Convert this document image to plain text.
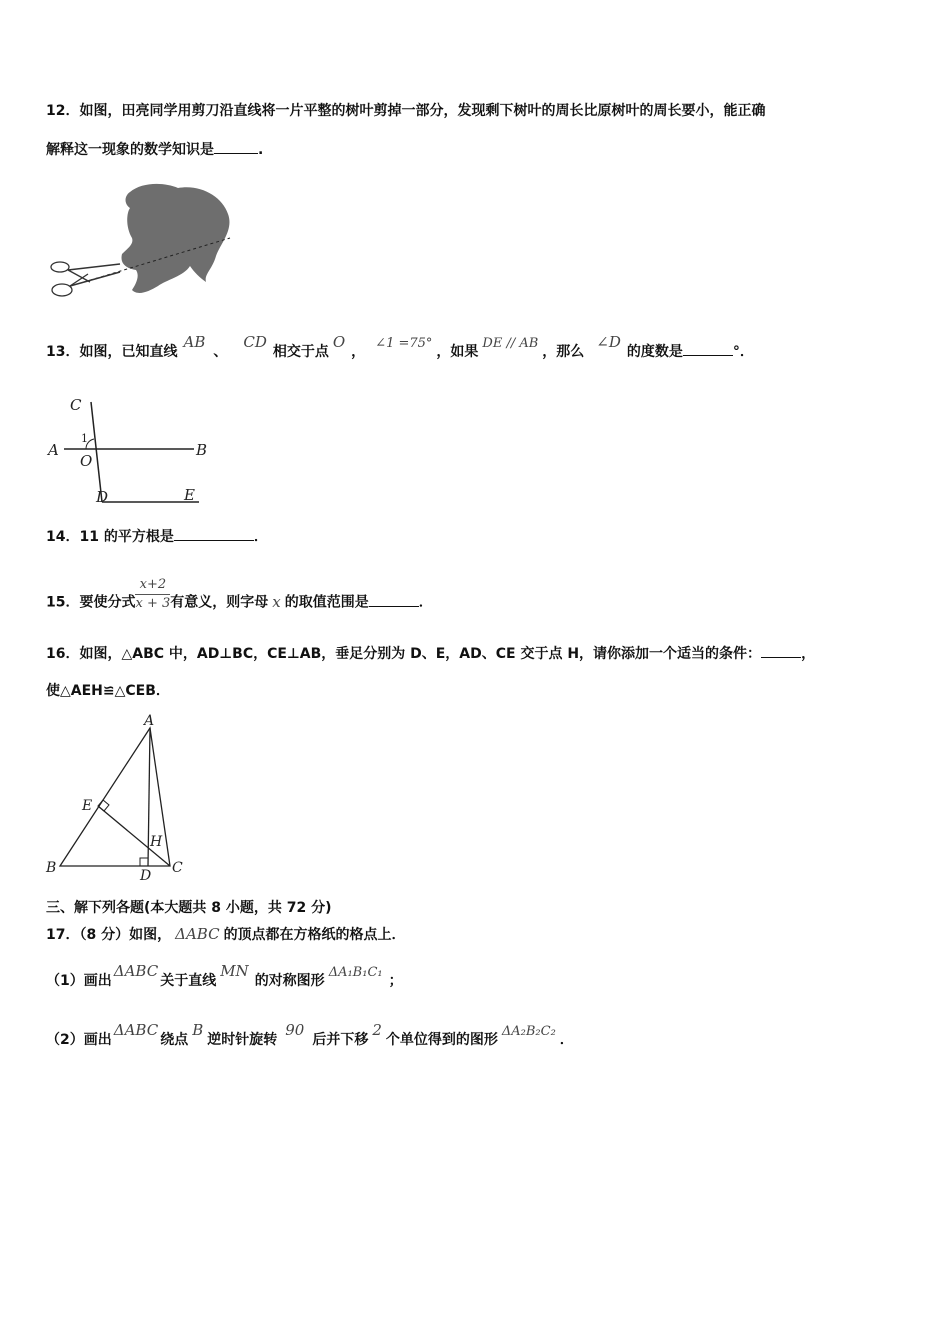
12．如图，田亮同学用剪刀沿直线将一片平整的树叶剪掉一部分，发现剩下树叶的周长比原树叶的周长要小，能正确
解释这一现象的数学知识是	.
13．如图，已知直线AB、CD相交于点O，∠1 =75°，如果DE // AB，那么∠D的度数是	°．
C
A
1
O
B
D	E
14．11 的平方根是	．
15．要使分式 $\frac{x+2}{x + 3}$ 有意义，则字母 x 的取值范围是	．
16．如图，△ABC 中，AD⊥BC，CE⊥AB，垂足分别为 D、E，AD、CE 交于点 H，请你添加一个适当的条件：	，
使△AEH≌△CEB．
A
E
H
B	D C
三、解下列各题(本大题共 8 小题，共 72 分)
17．（8 分）如图， ΔABC 的顶点都在方格纸的格点上．
（1）画出ΔABC关于直线MN的对称图形ΔA₁B₁C₁；
（2）画出ΔABC绕点B逆时针旋转90后并下移2个单位得到的图形ΔA₂B₂C₂．
